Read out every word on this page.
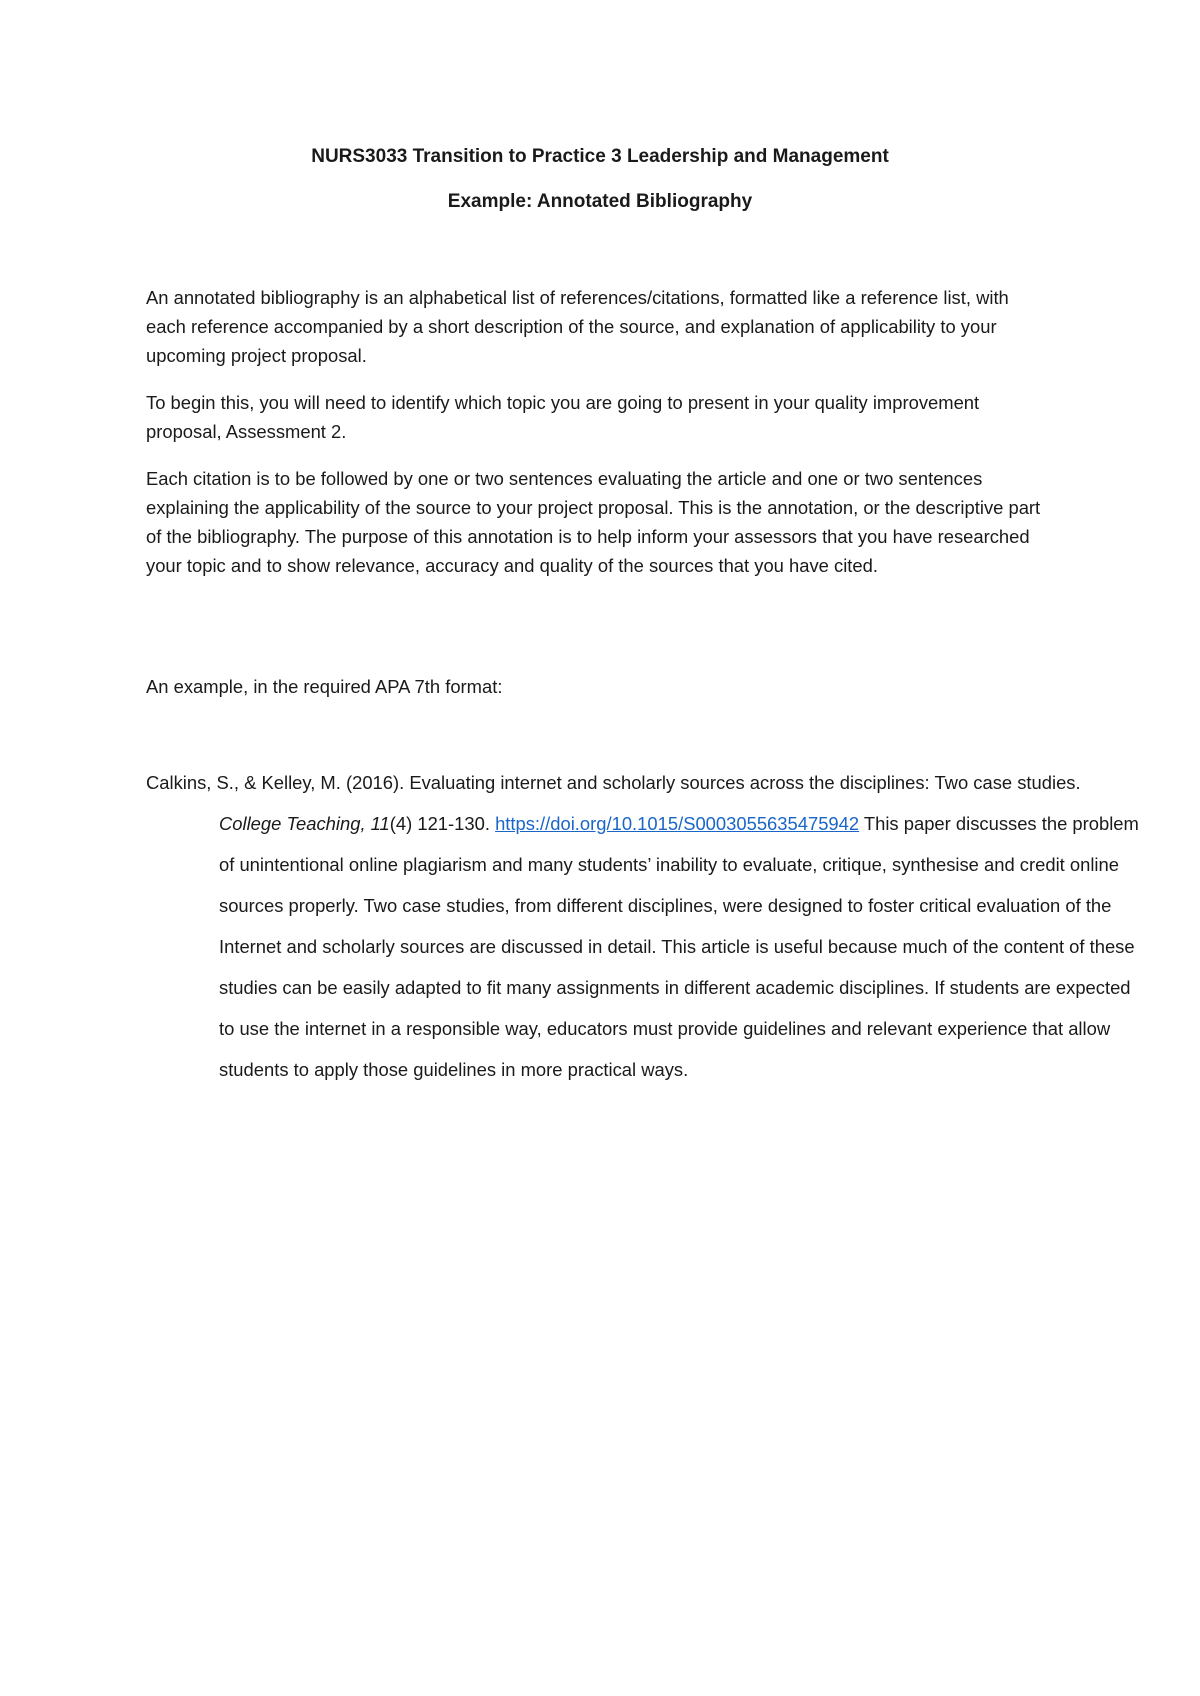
NURS3033 Transition to Practice 3 Leadership and Management
Example: Annotated Bibliography

An annotated bibliography is an alphabetical list of references/citations, formatted like a reference list, with each reference accompanied by a short description of the source, and explanation of applicability to your upcoming project proposal.

To begin this, you will need to identify which topic you are going to present in your quality improvement proposal, Assessment 2.

Each citation is to be followed by one or two sentences evaluating the article and one or two sentences explaining the applicability of the source to your project proposal. This is the annotation, or the descriptive part of the bibliography. The purpose of this annotation is to help inform your assessors that you have researched your topic and to show relevance, accuracy and quality of the sources that you have cited.

An example, in the required APA 7th format:

Calkins, S., & Kelley, M. (2016). Evaluating internet and scholarly sources across the disciplines: Two case studies. College Teaching, 11(4) 121-130. https://doi.org/10.1015/S0003055635475942 This paper discusses the problem of unintentional online plagiarism and many students’ inability to evaluate, critique, synthesise and credit online sources properly. Two case studies, from different disciplines, were designed to foster critical evaluation of the Internet and scholarly sources are discussed in detail. This article is useful because much of the content of these studies can be easily adapted to fit many assignments in different academic disciplines. If students are expected to use the internet in a responsible way, educators must provide guidelines and relevant experience that allow students to apply those guidelines in more practical ways.
